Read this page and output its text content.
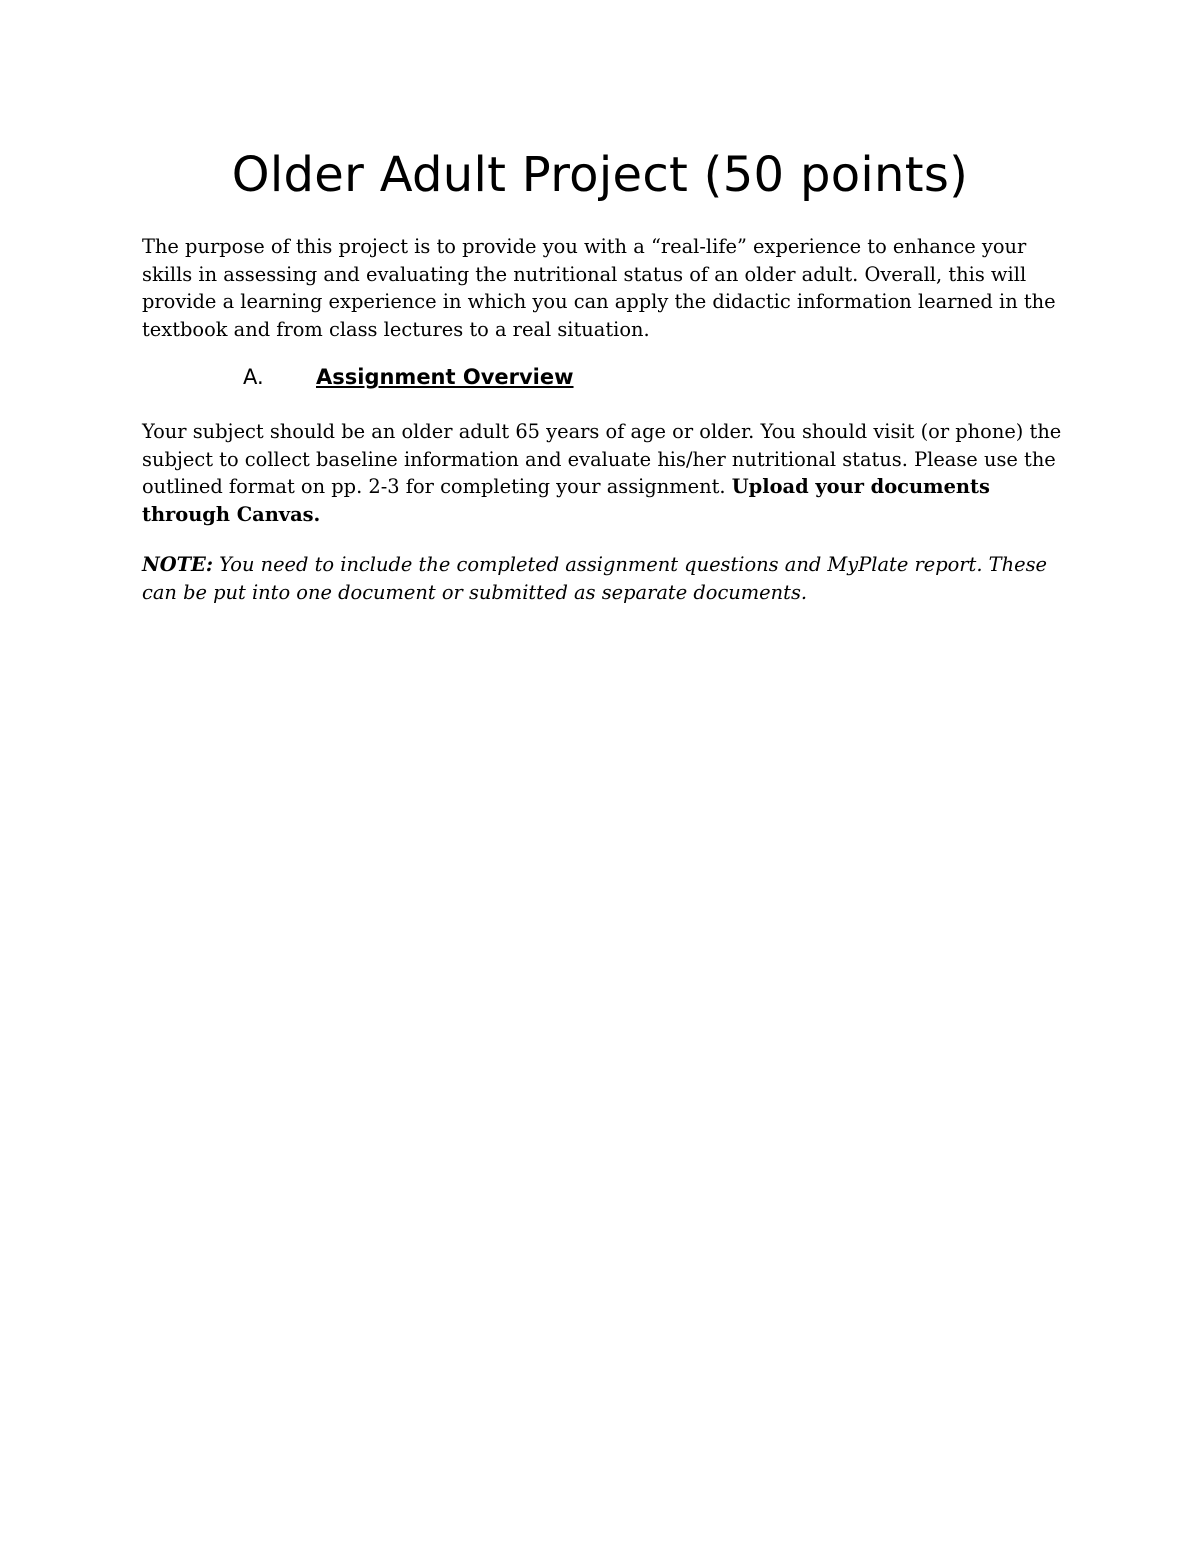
Older Adult Project (50 points)

The purpose of this project is to provide you with a “real-life” experience to enhance your skills in assessing and evaluating the nutritional status of an older adult. Overall, this will provide a learning experience in which you can apply the didactic information learned in the textbook and from class lectures to a real situation.

A. Assignment Overview

Your subject should be an older adult 65 years of age or older. You should visit (or phone) the subject to collect baseline information and evaluate his/her nutritional status. Please use the outlined format on pp. 2-3 for completing your assignment. Upload your documents through Canvas.

NOTE: You need to include the completed assignment questions and MyPlate report. These can be put into one document or submitted as separate documents.
